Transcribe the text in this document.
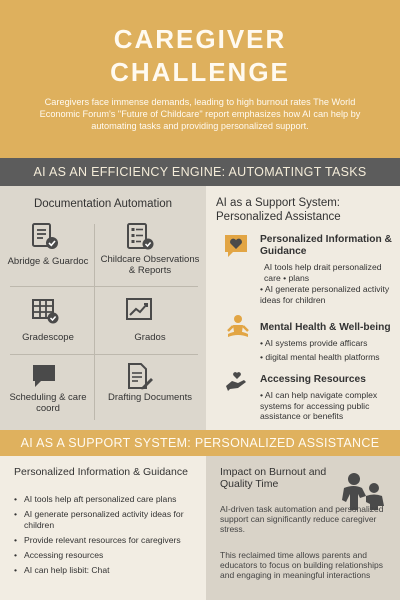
CAREGIVER
CHALLENGE
Caregivers face immense demands, leading to high burnout rates The World Economic Forum's "Future of Childcare" report emphasizes how AI can help by automating tasks and providing personalized support.
AI AS AN EFFICIENCY ENGINE: AUTOMATINGT TASKS
Documentation Automation
Abridge & Guardoc Childcare Observations & Reports
Gradescope	Grados
Scheduling & care coord
Drafting Documents
AI as a Support System: Personalized Assistance
Personalized Information & Guidance
AI tools help drait personalized care • plans
• AI generate personalized activity ideas for children
Mental Health & Well-being
• AI systems provide afficars
• digital mental health platforms
Accessing Resources
• AI can help navigate complex systems for accessing public assistance or benefits
AI AS A SUPPORT SYSTEM: PERSONALIZED ASSISTANCE
Personalized Information & Guidance
• AI tools help aft personalized care plans
• AI generate personalized activity ideas for children
• Provide relevant resources for caregivers
• Accessing resources
• AI can help lisbit: Chat
Impact on Burnout and Quality Time
AI-driven task automation and personalized support can significantly reduce caregiver stress.
This reclaimed time allows parents and educators to focus on building relationships and engaging in meaningful interactions
